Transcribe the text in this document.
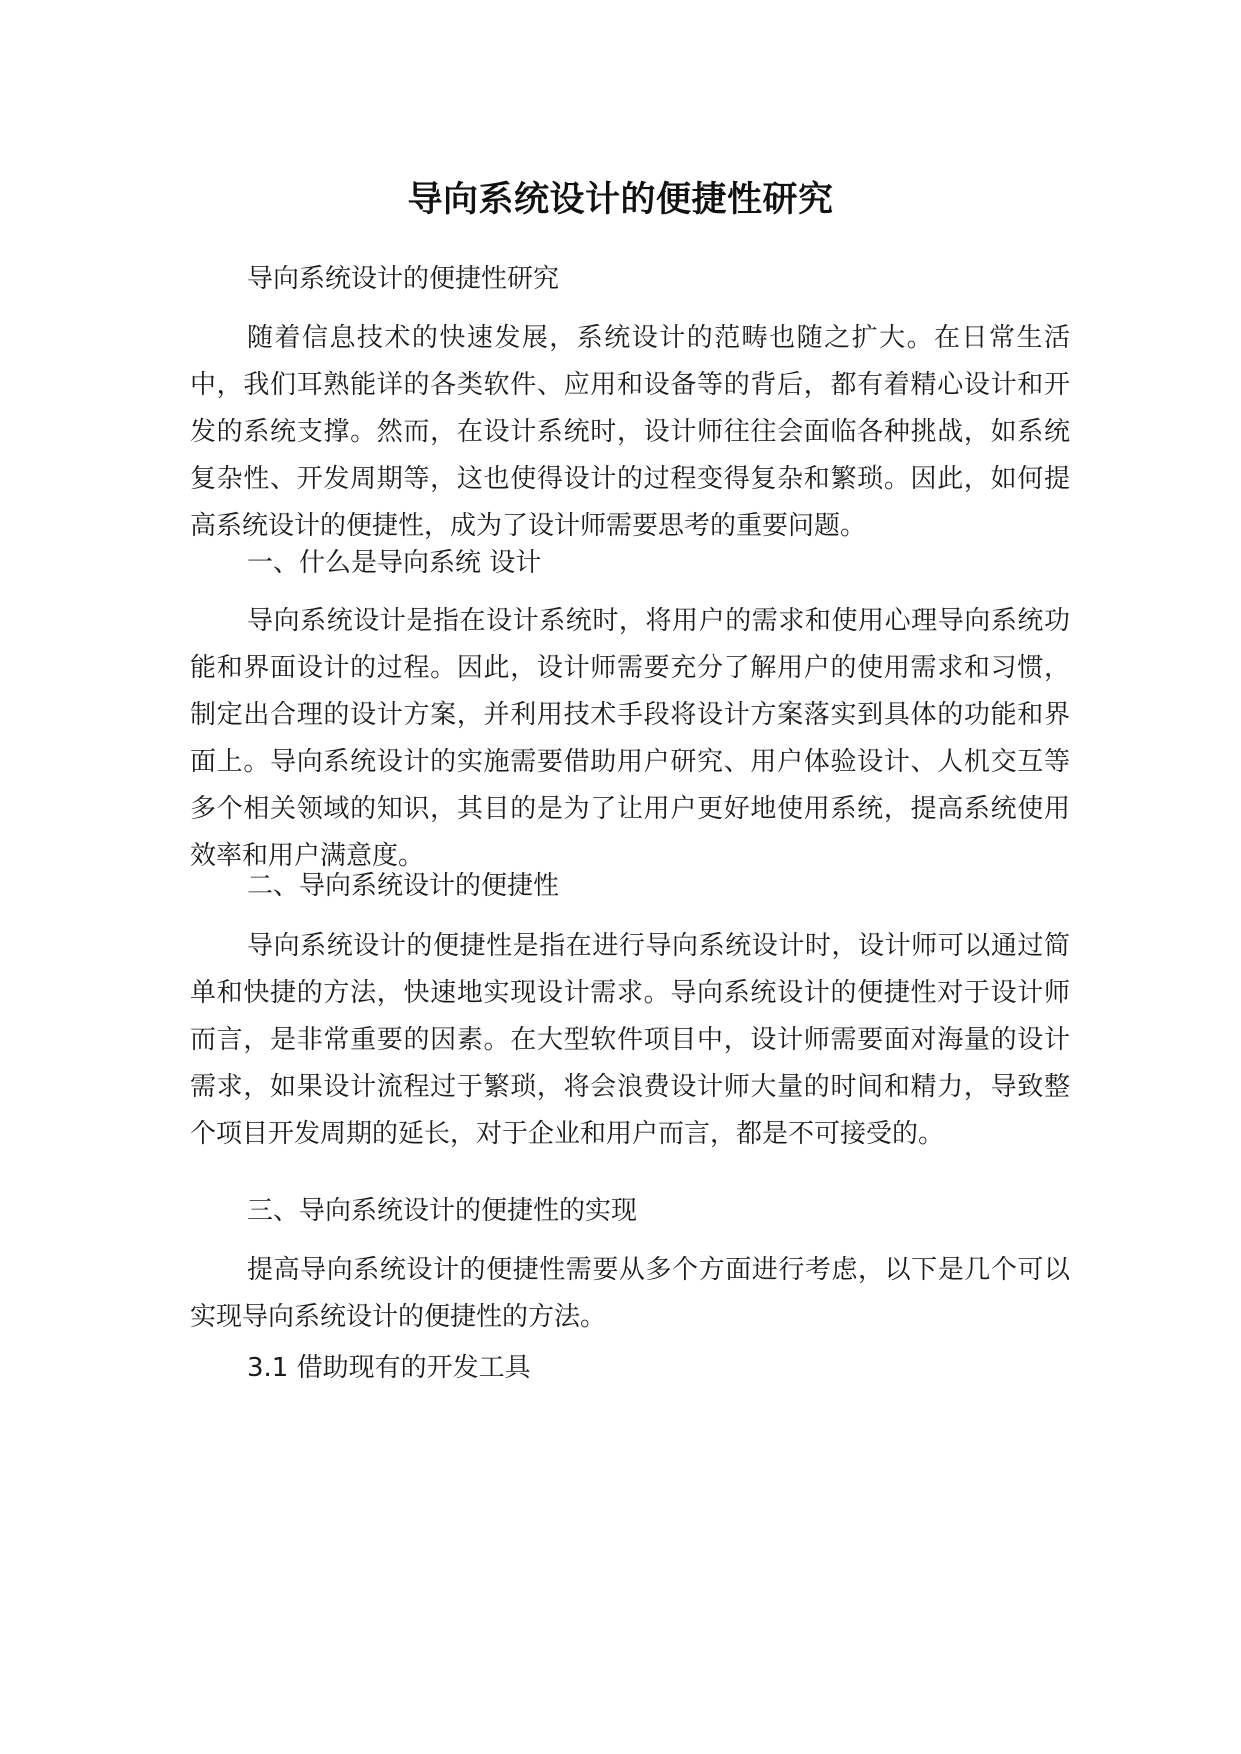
导向系统设计的便捷性研究
导向系统设计的便捷性研究
随着信息技术的快速发展，系统设计的范畴也随之扩大。在日常生活中，我们耳熟能详的各类软件、应用和设备等的背后，都有着精心设计和开发的系统支撑。然而，在设计系统时，设计师往往会面临各种挑战，如系统复杂性、开发周期等，这也使得设计的过程变得复杂和繁琐。因此，如何提高系统设计的便捷性，成为了设计师需要思考的重要问题。
一、什么是导向系统 设计
导向系统设计是指在设计系统时，将用户的需求和使用心理导向系统功能和界面设计的过程。因此，设计师需要充分了解用户的使用需求和习惯，制定出合理的设计方案，并利用技术手段将设计方案落实到具体的功能和界面上。导向系统设计的实施需要借助用户研究、用户体验设计、人机交互等多个相关领域的知识，其目的是为了让用户更好地使用系统，提高系统使用效率和用户满意度。
二、导向系统设计的便捷性
导向系统设计的便捷性是指在进行导向系统设计时，设计师可以通过简单和快捷的方法，快速地实现设计需求。导向系统设计的便捷性对于设计师而言，是非常重要的因素。在大型软件项目中，设计师需要面对海量的设计需求，如果设计流程过于繁琐，将会浪费设计师大量的时间和精力，导致整个项目开发周期的延长，对于企业和用户而言，都是不可接受的。
三、导向系统设计的便捷性的实现
提高导向系统设计的便捷性需要从多个方面进行考虑，以下是几个可以实现导向系统设计的便捷性的方法。
3.1 借助现有的开发工具
